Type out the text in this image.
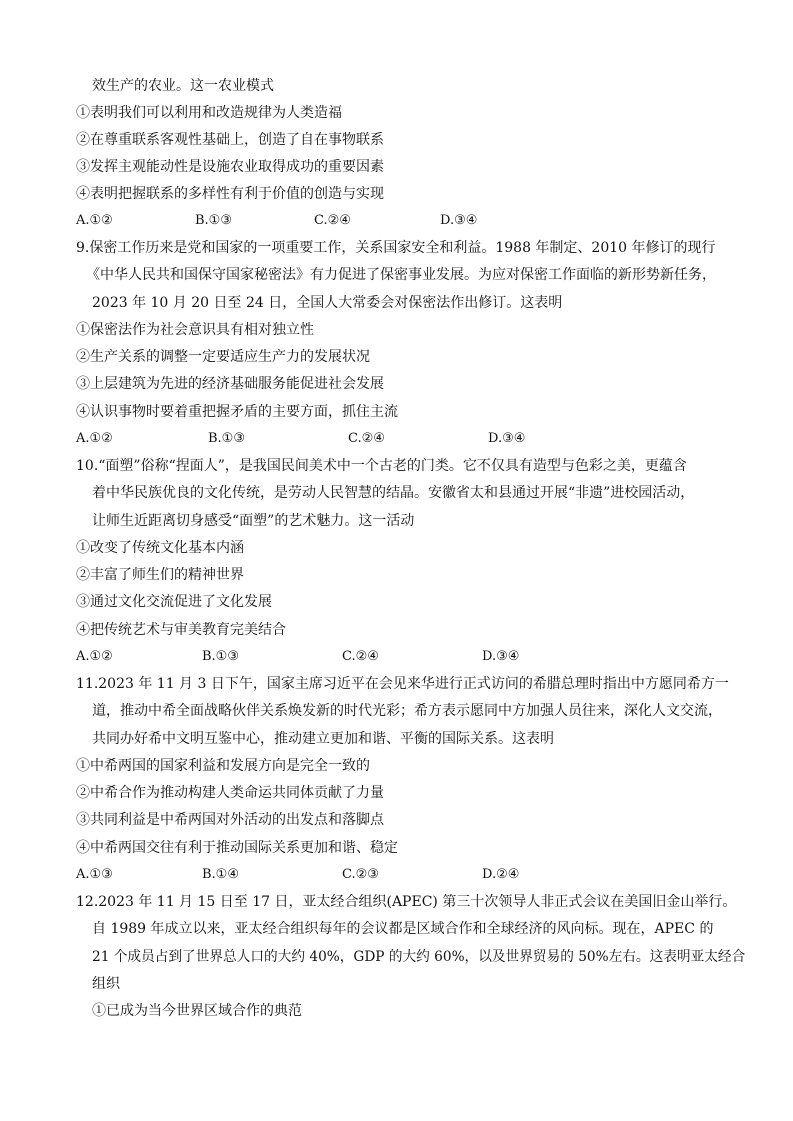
效生产的农业。这一农业模式
①表明我们可以利用和改造规律为人类造福
②在尊重联系客观性基础上，创造了自在事物联系
③发挥主观能动性是设施农业取得成功的重要因素
④表明把握联系的多样性有利于价值的创造与实现
A.①②	B.①③	C.②④	D.③④
9.保密工作历来是党和国家的一项重要工作，关系国家安全和利益。1988 年制定、2010 年修订的现行
《中华人民共和国保守国家秘密法》有力促进了保密事业发展。为应对保密工作面临的新形势新任务，
2023 年 10 月 20 日至 24 日，全国人大常委会对保密法作出修订。这表明
①保密法作为社会意识具有相对独立性
②生产关系的调整一定要适应生产力的发展状况
③上层建筑为先进的经济基础服务能促进社会发展
④认识事物时要着重把握矛盾的主要方面，抓住主流
A.①②	B.①③	C.②④	D.③④
10.“面塑”俗称“捏面人”，是我国民间美术中一个古老的门类。它不仅具有造型与色彩之美，更蕴含
着中华民族优良的文化传统，是劳动人民智慧的结晶。安徽省太和县通过开展“非遗”进校园活动，
让师生近距离切身感受“面塑”的艺术魅力。这一活动
①改变了传统文化基本内涵
②丰富了师生们的精神世界
③通过文化交流促进了文化发展
④把传统艺术与审美教育完美结合
A.①②	B.①③	C.②④	D.③④
11.2023 年 11 月 3 日下午，国家主席习近平在会见来华进行正式访问的希腊总理时指出中方愿同希方一
道，推动中希全面战略伙伴关系焕发新的时代光彩；希方表示愿同中方加强人员往来，深化人文交流，
共同办好希中文明互鉴中心，推动建立更加和谐、平衡的国际关系。这表明
①中希两国的国家利益和发展方向是完全一致的
②中希合作为推动构建人类命运共同体贡献了力量
③共同利益是中希两国对外活动的出发点和落脚点
④中希两国交往有利于推动国际关系更加和谐、稳定
A.①③	B.①④	C.②③	D.②④
12.2023 年 11 月 15 日至 17 日，亚太经合组织(APEC) 第三十次领导人非正式会议在美国旧金山举行。
自 1989 年成立以来，亚太经合组织每年的会议都是区域合作和全球经济的风向标。现在，APEC 的
21 个成员占到了世界总人口的大约 40%，GDP 的大约 60%，以及世界贸易的 50%左右。这表明亚太经合
组织
①已成为当今世界区域合作的典范
